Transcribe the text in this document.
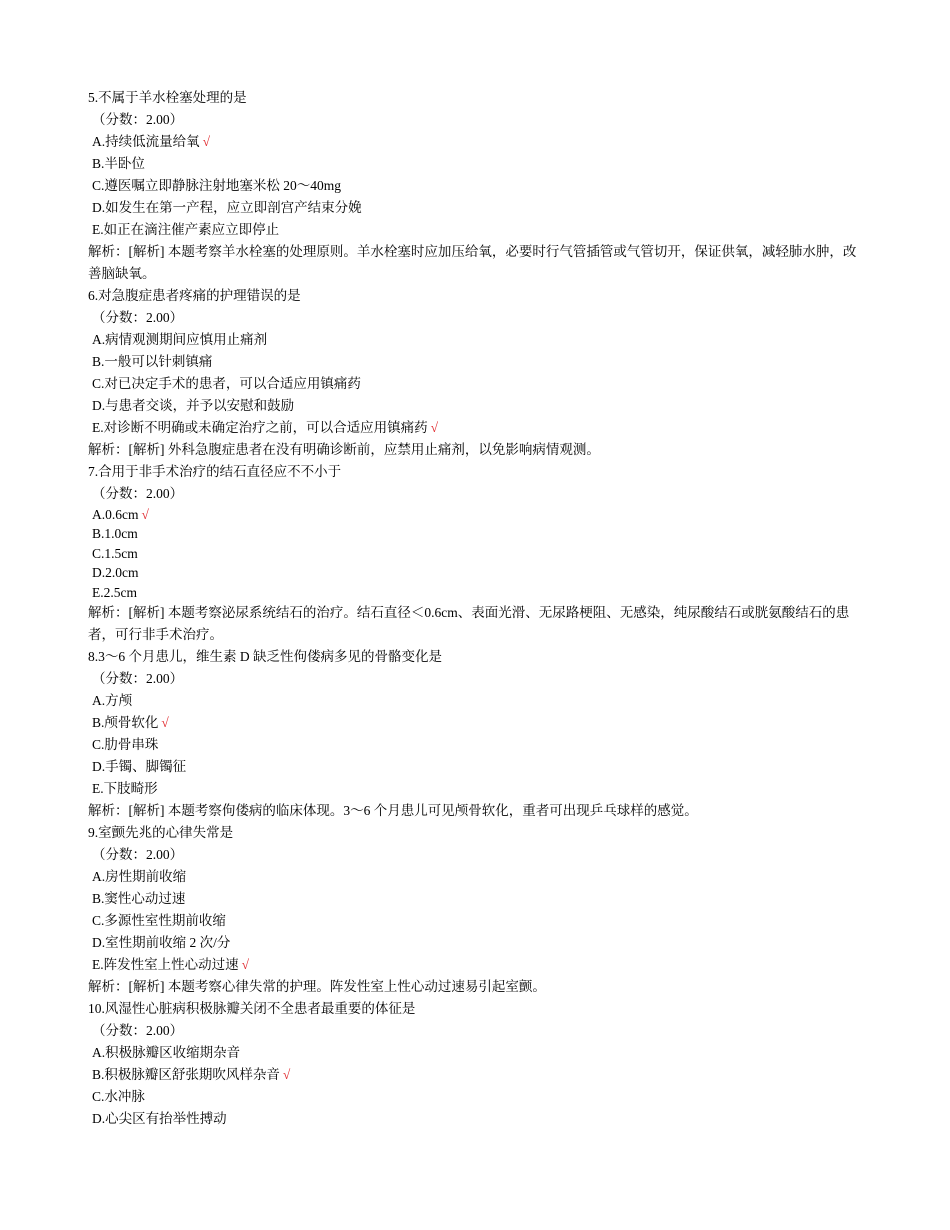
5.不属于羊水栓塞处理的是
（分数：2.00）
A.持续低流量给氧 √
B.半卧位
C.遵医嘱立即静脉注射地塞米松 20～40mg
D.如发生在第一产程，应立即剖宫产结束分娩
E.如正在滴注催产素应立即停止
解析：[解析] 本题考察羊水栓塞的处理原则。羊水栓塞时应加压给氧，必要时行气管插管或气管切开，保证供氧，减轻肺水肿，改善脑缺氧。
6.对急腹症患者疼痛的护理错误的是
（分数：2.00）
A.病情观测期间应慎用止痛剂
B.一般可以针刺镇痛
C.对已决定手术的患者，可以合适应用镇痛药
D.与患者交谈，并予以安慰和鼓励
E.对诊断不明确或未确定治疗之前，可以合适应用镇痛药 √
解析：[解析] 外科急腹症患者在没有明确诊断前，应禁用止痛剂，以免影响病情观测。
7.合用于非手术治疗的结石直径应不不小于
（分数：2.00）
A.0.6cm √
B.1.0cm
C.1.5cm
D.2.0cm
E.2.5cm
解析：[解析] 本题考察泌尿系统结石的治疗。结石直径＜0.6cm、表面光滑、无尿路梗阻、无感染，纯尿酸结石或胱氨酸结石的患者，可行非手术治疗。
8.3～6 个月患儿，维生素 D 缺乏性佝偻病多见的骨骼变化是
（分数：2.00）
A.方颅
B.颅骨软化 √
C.肋骨串珠
D.手镯、脚镯征
E.下肢畸形
解析：[解析] 本题考察佝偻病的临床体现。3～6 个月患儿可见颅骨软化，重者可出现乒乓球样的感觉。
9.室颤先兆的心律失常是
（分数：2.00）
A.房性期前收缩
B.窦性心动过速
C.多源性室性期前收缩
D.室性期前收缩 2 次/分
E.阵发性室上性心动过速 √
解析：[解析] 本题考察心律失常的护理。阵发性室上性心动过速易引起室颤。
10.风湿性心脏病积极脉瓣关闭不全患者最重要的体征是
（分数：2.00）
A.积极脉瓣区收缩期杂音
B.积极脉瓣区舒张期吹风样杂音 √
C.水冲脉
D.心尖区有抬举性搏动
